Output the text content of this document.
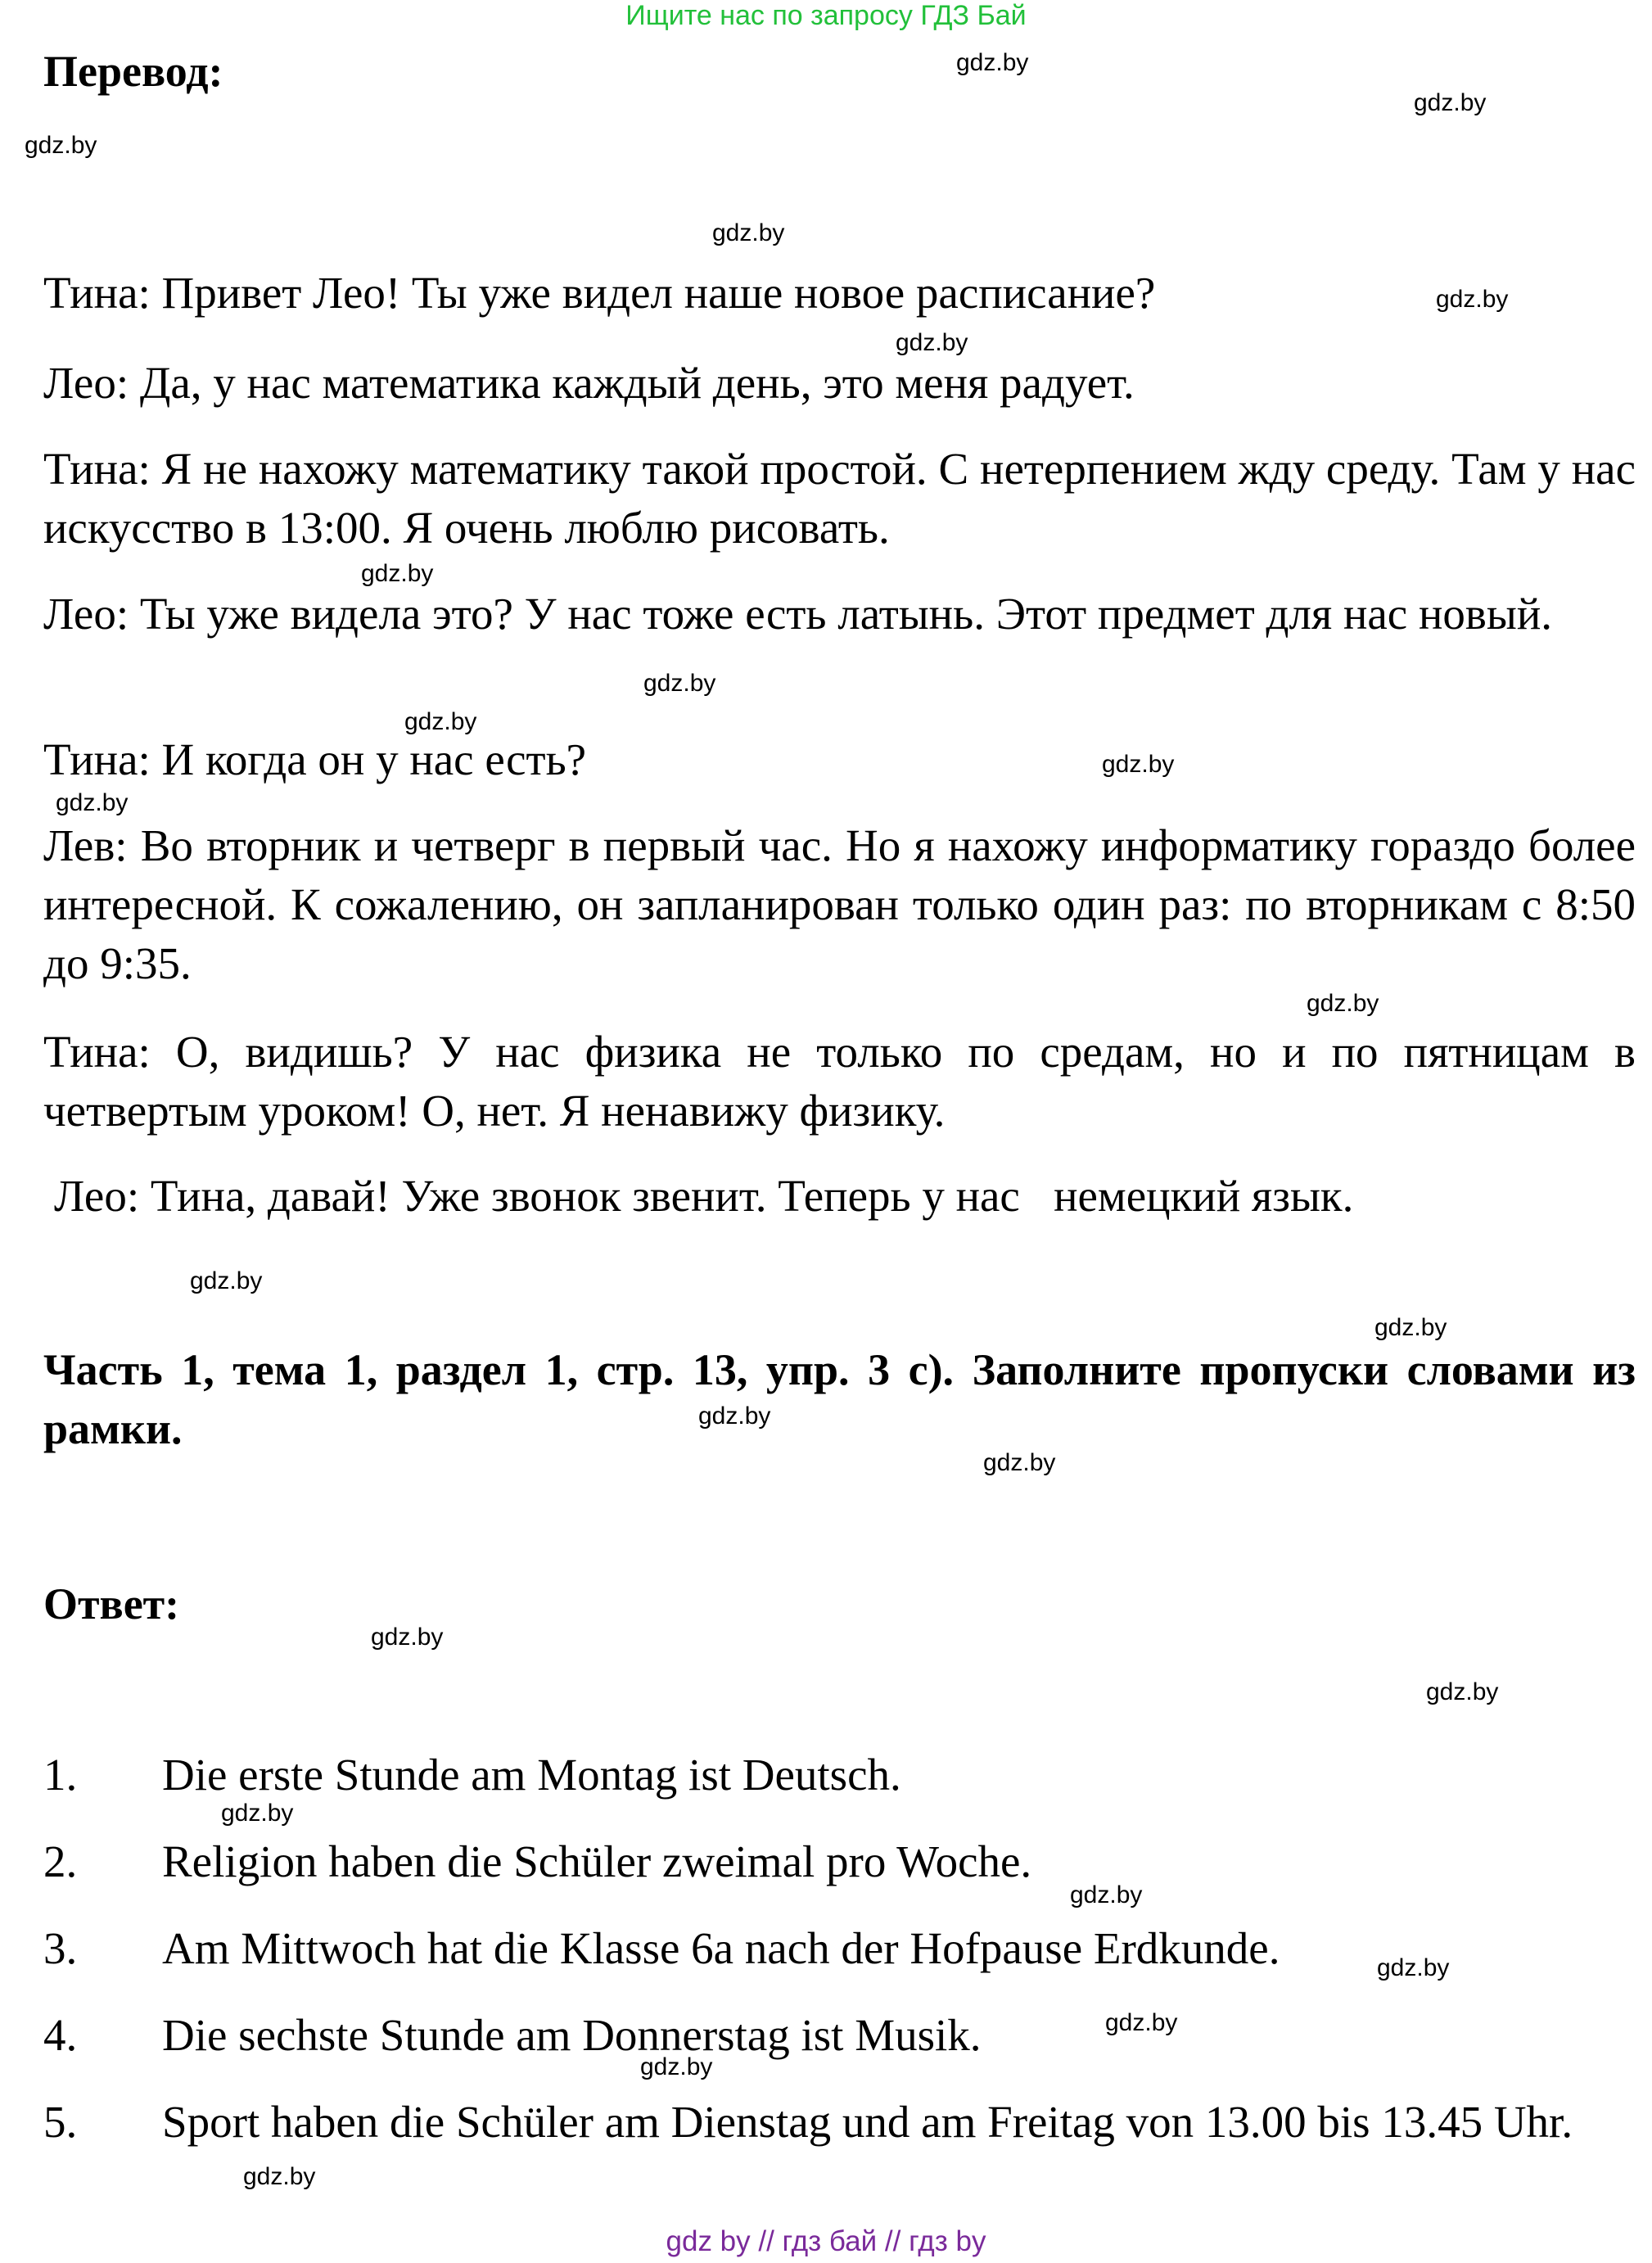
Ищите нас по запросу ГДЗ Бай
Перевод:
Тина: Привет Лео! Ты уже видел наше новое расписание?
Лео: Да, у нас математика каждый день, это меня радует.
Тина: Я не нахожу математику такой простой. С нетерпением жду среду. Там у нас искусство в 13:00. Я очень люблю рисовать.
Лео: Ты уже видела это? У нас тоже есть латынь. Этот предмет для нас новый.
Тина: И когда он у нас есть?
Лев: Во вторник и четверг в первый час. Но я нахожу информатику гораздо более интересной. К сожалению, он запланирован только один раз: по вторникам с 8:50 до 9:35.
Тина: О, видишь? У нас физика не только по средам, но и по пятницам в четвертым уроком! О, нет. Я ненавижу физику.
Лео: Тина, давай! Уже звонок звенит. Теперь у нас   немецкий язык.
Часть 1, тема 1, раздел 1, стр. 13, упр. 3 c). Заполните пропуски словами из рамки.
Ответ:
1. Die erste Stunde am Montag ist Deutsch.
2. Religion haben die Schüler zweimal pro Woche.
3. Am Mittwoch hat die Klasse 6a nach der Hofpause Erdkunde.
4. Die sechste Stunde am Donnerstag ist Musik.
5. Sport haben die Schüler am Dienstag und am Freitag von 13.00 bis 13.45 Uhr.
gdz.by
gdz.by
gdz.by
gdz.by
gdz.by
gdz.by
gdz.by
gdz.by
gdz.by
gdz.by
gdz.by
gdz.by
gdz.by
gdz.by
gdz.by
gdz.by
gdz.by
gdz.by
gdz.by
gdz.by
gdz.by
gdz.by
gdz.by
gdz.by
gdz by // гдз бай // гдз by
